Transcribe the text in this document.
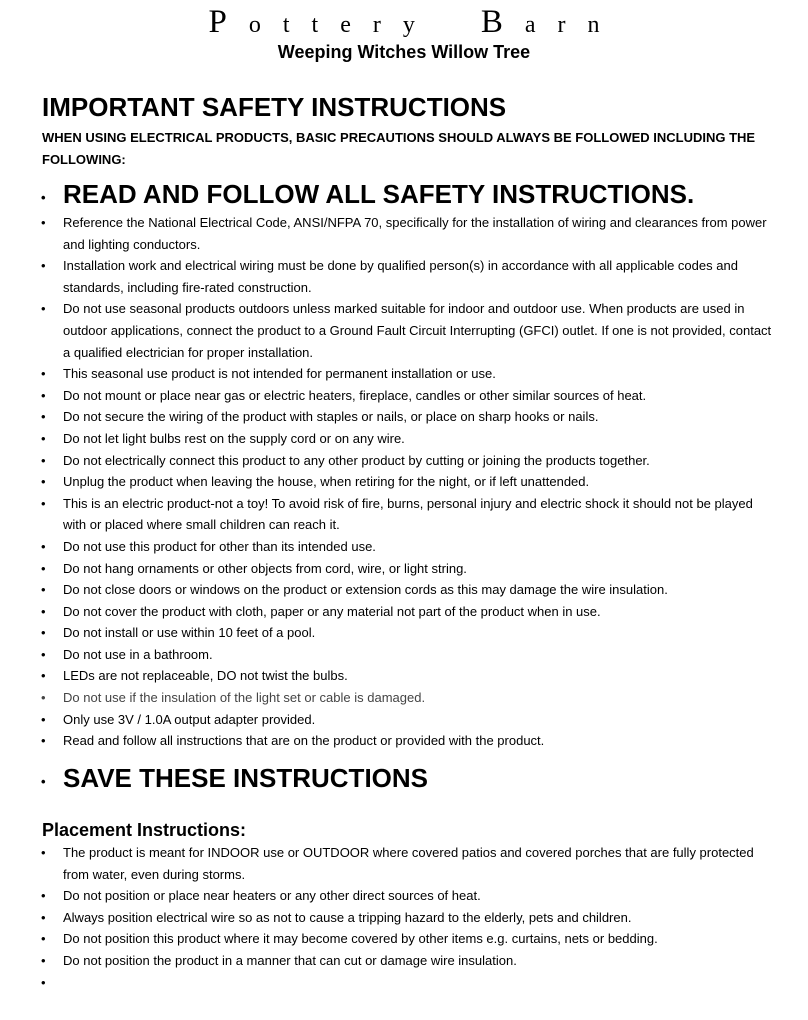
P o t t e r y B a r n
Weeping Witches Willow Tree
IMPORTANT SAFETY INSTRUCTIONS
WHEN USING ELECTRICAL PRODUCTS, BASIC PRECAUTIONS SHOULD ALWAYS BE FOLLOWED INCLUDING THE FOLLOWING:
• READ AND FOLLOW ALL SAFETY INSTRUCTIONS.
• Reference the National Electrical Code, ANSI/NFPA 70, specifically for the installation of wiring and clearances from power and lighting conductors.
• Installation work and electrical wiring must be done by qualified person(s) in accordance with all applicable codes and standards, including fire-rated construction.
• Do not use seasonal products outdoors unless marked suitable for indoor and outdoor use. When products are used in outdoor applications, connect the product to a Ground Fault Circuit Interrupting (GFCI) outlet. If one is not provided, contact a qualified electrician for proper installation.
• This seasonal use product is not intended for permanent installation or use.
• Do not mount or place near gas or electric heaters, fireplace, candles or other similar sources of heat.
• Do not secure the wiring of the product with staples or nails, or place on sharp hooks or nails.
• Do not let light bulbs rest on the supply cord or on any wire.
• Do not electrically connect this product to any other product by cutting or joining the products together.
• Unplug the product when leaving the house, when retiring for the night, or if left unattended.
• This is an electric product-not a toy! To avoid risk of fire, burns, personal injury and electric shock it should not be played with or placed where small children can reach it.
• Do not use this product for other than its intended use.
• Do not hang ornaments or other objects from cord, wire, or light string.
• Do not close doors or windows on the product or extension cords as this may damage the wire insulation.
• Do not cover the product with cloth, paper or any material not part of the product when in use.
• Do not install or use within 10 feet of a pool.
• Do not use in a bathroom.
• LEDs are not replaceable, DO not twist the bulbs.
• Do not use if the insulation of the light set or cable is damaged.
• Only use 3V / 1.0A output adapter provided.
• Read and follow all instructions that are on the product or provided with the product.
• SAVE THESE INSTRUCTIONS
Placement Instructions:
• The product is meant for INDOOR use or OUTDOOR where covered patios and covered porches that are fully protected from water, even during storms.
• Do not position or place near heaters or any other direct sources of heat.
• Always position electrical wire so as not to cause a tripping hazard to the elderly, pets and children.
• Do not position this product where it may become covered by other items e.g. curtains, nets or bedding.
• Do not position the product in a manner that can cut or damage wire insulation.
•
